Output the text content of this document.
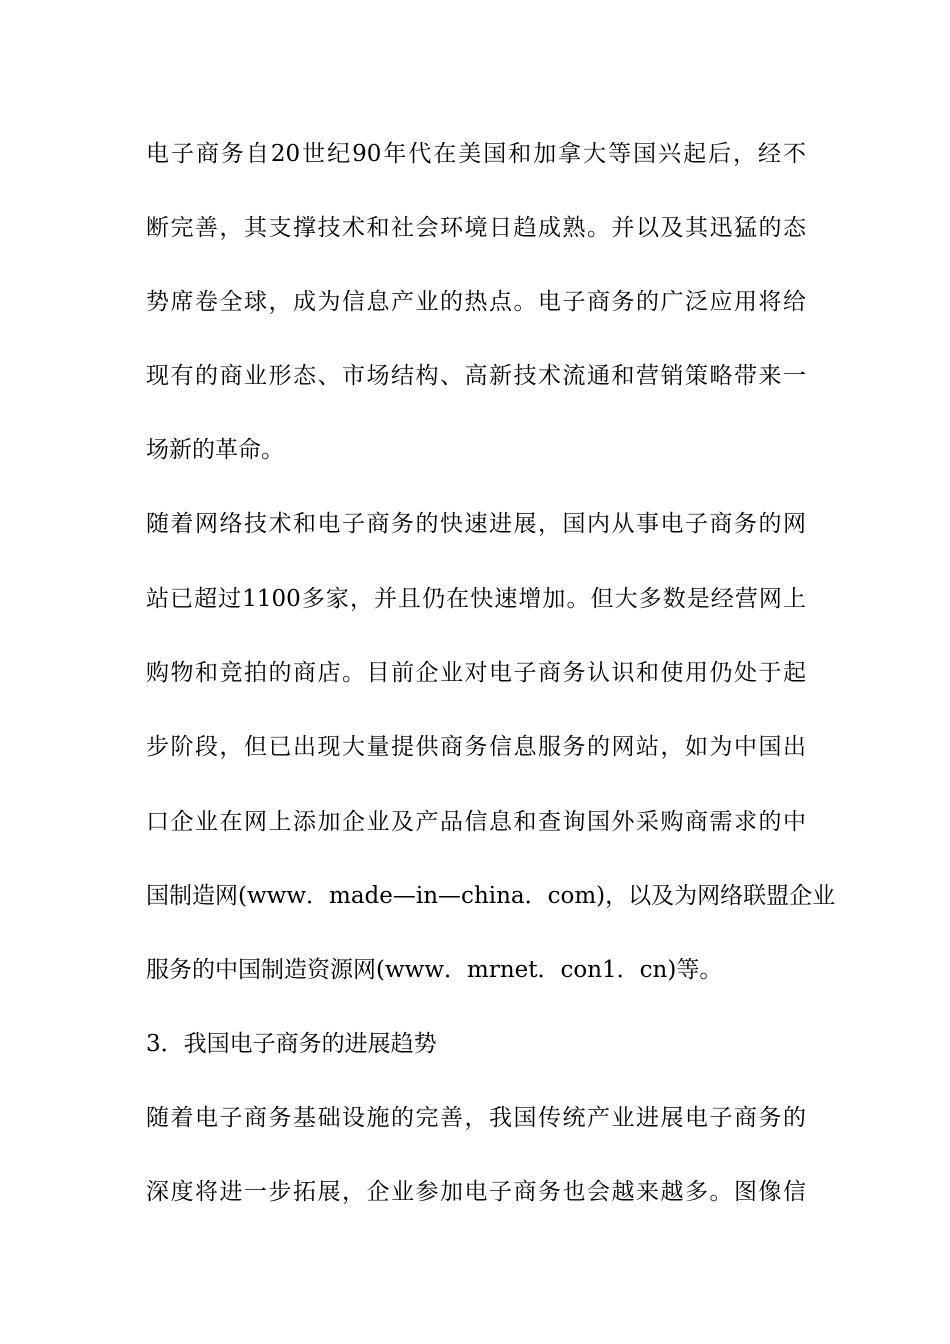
电子商务自20世纪90年代在美国和加拿大等国兴起后，经不
断完善，其支撑技术和社会环境日趋成熟。并以及其迅猛的态
势席卷全球，成为信息产业的热点。电子商务的广泛应用将给
现有的商业形态、市场结构、高新技术流通和营销策略带来一
场新的革命。
随着网络技术和电子商务的快速进展，国内从事电子商务的网
站已超过1100多家，并且仍在快速增加。但大多数是经营网上
购物和竞拍的商店。目前企业对电子商务认识和使用仍处于起
步阶段，但已出现大量提供商务信息服务的网站，如为中国出
口企业在网上添加企业及产品信息和查询国外采购商需求的中
国制造网(www．made—in—china．com)，以及为网络联盟企业
服务的中国制造资源网(www．mrnet．con1．cn)等。
3．我国电子商务的进展趋势
随着电子商务基础设施的完善，我国传统产业进展电子商务的
深度将进一步拓展，企业参加电子商务也会越来越多。图像信
